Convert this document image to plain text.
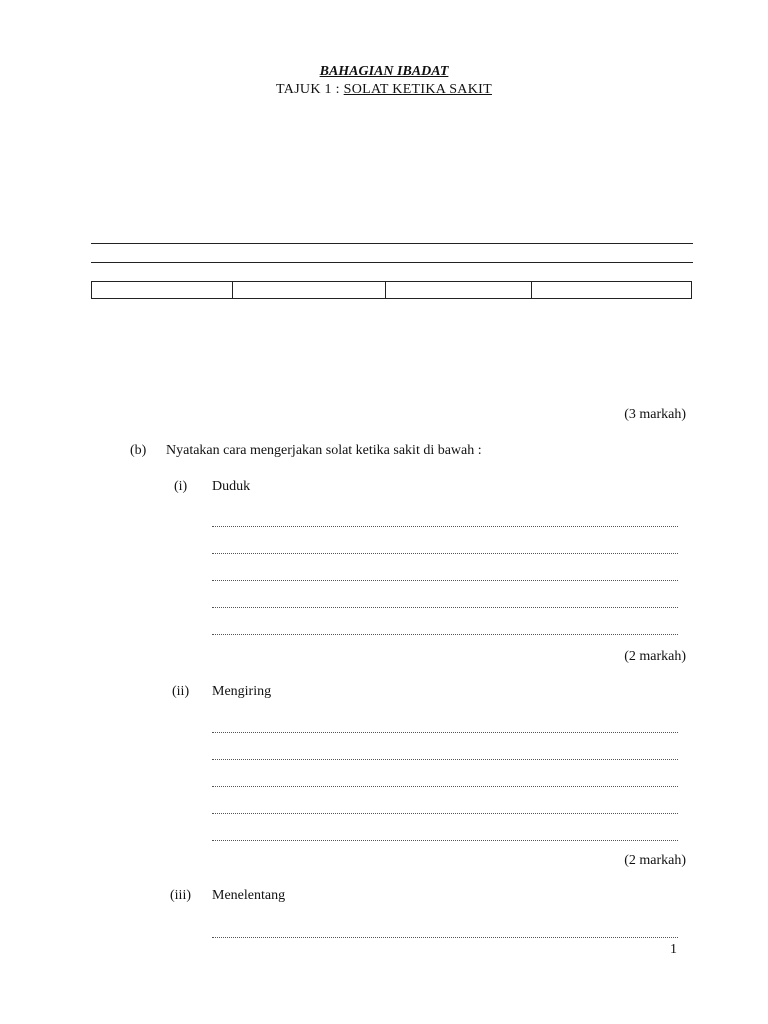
BAHAGIAN IBADAT
TAJUK 1 : SOLAT KETIKA SAKIT

(3 markah)
(b) Nyatakan cara mengerjakan solat ketika sakit di bawah :
(i) Duduk
(2 markah)
(ii) Mengiring
(2 markah)
(iii) Menelentang
1
